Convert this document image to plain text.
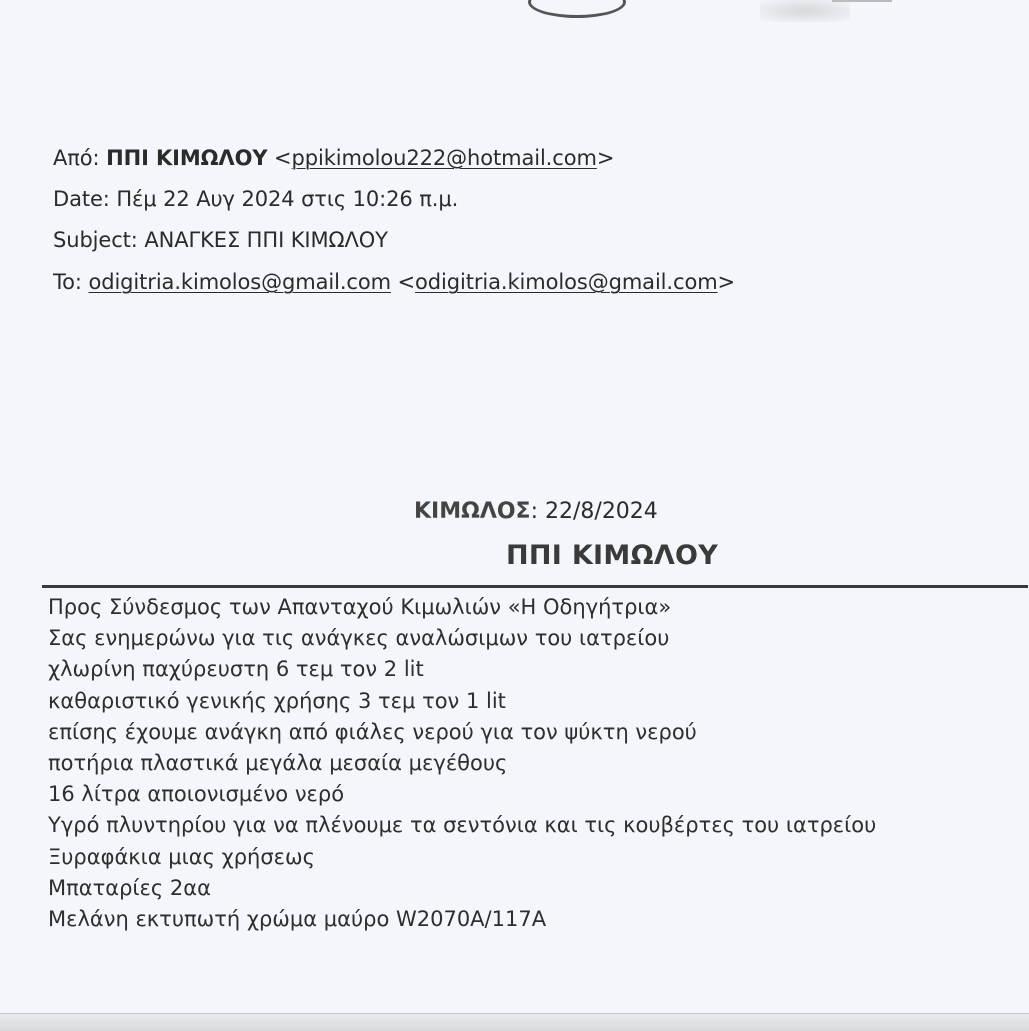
Από: ΠΠΙ ΚΙΜΩΛΟΥ <ppikimolou222@hotmail.com>
Date: Πέμ 22 Αυγ 2024 στις 10:26 π.μ.
Subject: ΑΝΑΓΚΕΣ ΠΠΙ ΚΙΜΩΛΟΥ
To: odigitria.kimolos@gmail.com <odigitria.kimolos@gmail.com>
ΚΙΜΩΛΟΣ: 22/8/2024
ΠΠΙ ΚΙΜΩΛΟΥ
Προς Σύνδεσμος των Απανταχού Κιμωλιών «Η Οδηγήτρια»
Σας ενημερώνω για τις ανάγκες αναλώσιμων του ιατρείου
χλωρίνη παχύρευστη 6 τεμ τον 2 lit
καθαριστικό γενικής χρήσης 3 τεμ τον 1 lit
επίσης έχουμε ανάγκη από φιάλες νερού για τον ψύκτη νερού
ποτήρια πλαστικά μεγάλα μεσαία μεγέθους
16 λίτρα αποιονισμένο νερό
Υγρό πλυντηρίου για να πλένουμε τα σεντόνια και τις κουβέρτες του ιατρείου
Ξυραφάκια μιας χρήσεως
Μπαταρίες 2αα
Μελάνη εκτυπωτή χρώμα μαύρο W2070A/117A
